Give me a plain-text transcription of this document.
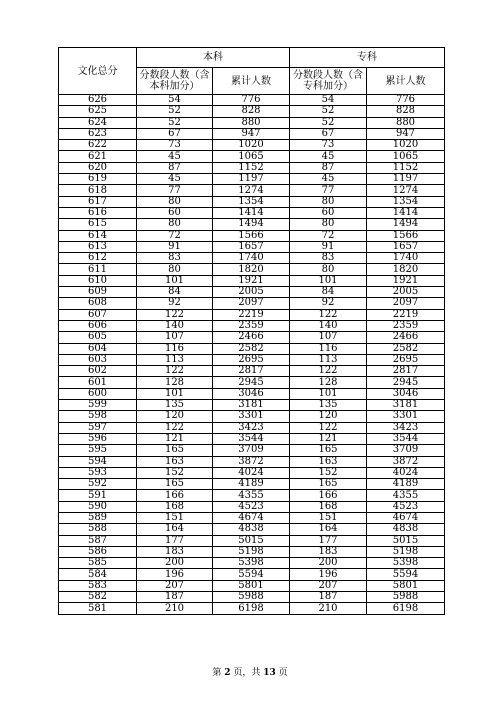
文化总分	本科		专科	
	分数段人数（含本科加分）	累计人数	分数段人数（含专科加分）	累计人数
626	54	776	54	776
625	52	828	52	828
624	52	880	52	880
623	67	947	67	947
622	73	1020	73	1020
621	45	1065	45	1065
620	87	1152	87	1152
619	45	1197	45	1197
618	77	1274	77	1274
617	80	1354	80	1354
616	60	1414	60	1414
615	80	1494	80	1494
614	72	1566	72	1566
613	91	1657	91	1657
612	83	1740	83	1740
611	80	1820	80	1820
610	101	1921	101	1921
609	84	2005	84	2005
608	92	2097	92	2097
607	122	2219	122	2219
606	140	2359	140	2359
605	107	2466	107	2466
604	116	2582	116	2582
603	113	2695	113	2695
602	122	2817	122	2817
601	128	2945	128	2945
600	101	3046	101	3046
599	135	3181	135	3181
598	120	3301	120	3301
597	122	3423	122	3423
596	121	3544	121	3544
595	165	3709	165	3709
594	163	3872	163	3872
593	152	4024	152	4024
592	165	4189	165	4189
591	166	4355	166	4355
590	168	4523	168	4523
589	151	4674	151	4674
588	164	4838	164	4838
587	177	5015	177	5015
586	183	5198	183	5198
585	200	5398	200	5398
584	196	5594	196	5594
583	207	5801	207	5801
582	187	5988	187	5988
581	210	6198	210	6198
第 2 页，共 13 页
